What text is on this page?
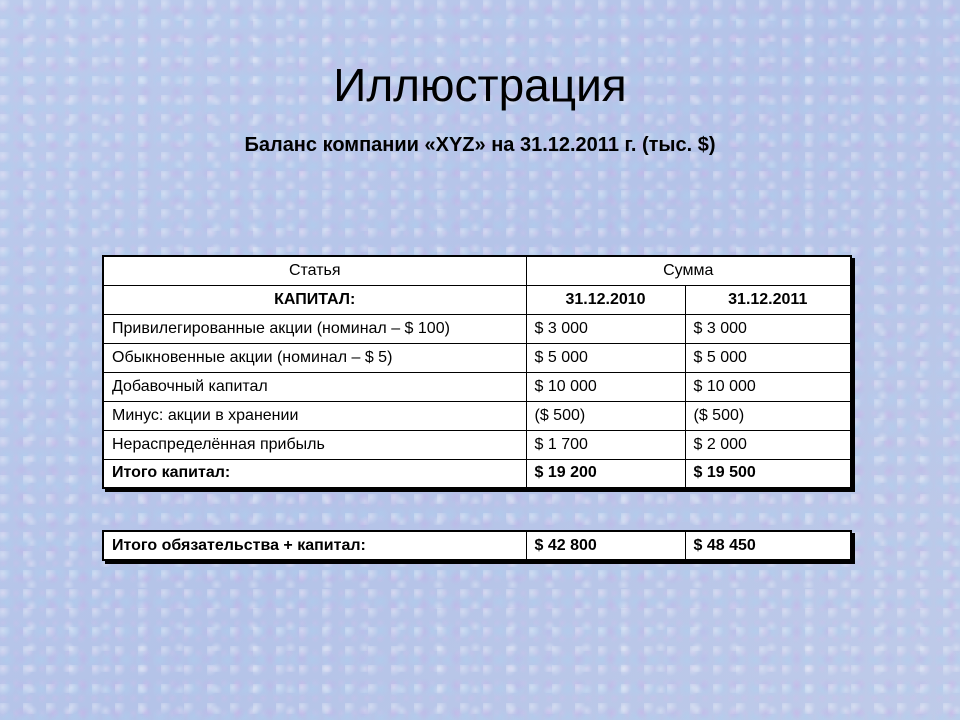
Иллюстрация
Баланс компании «XYZ» на 31.12.2011 г. (тыс. $)
Статья	Сумма	
КАПИТАЛ:	31.12.2010	31.12.2011
Привилегированные акции (номинал – $ 100)	$ 3 000	$ 3 000
Обыкновенные акции (номинал – $ 5)	$ 5 000	$ 5 000
Добавочный капитал	$ 10 000	$ 10 000
Минус: акции в хранении	($ 500)	($ 500)
Нераспределённая прибыль	$ 1 700	$ 2 000
Итого капитал:	$ 19 200	$ 19 500
Итого обязательства + капитал:	$ 42 800	$ 48 450
